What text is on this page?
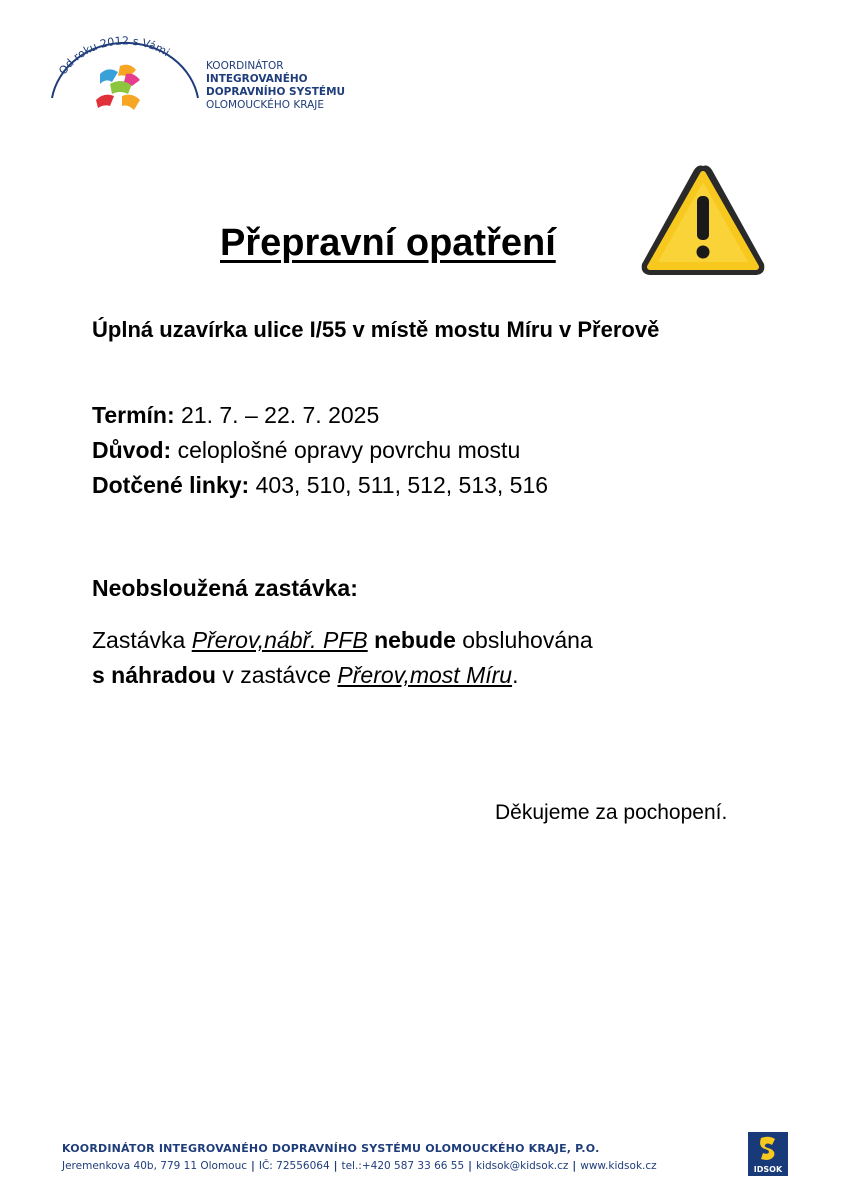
Od roku 2012 s Vámi
KOORDINÁTOR
INTEGROVANÉHO
DOPRAVNÍHO SYSTÉMU
OLOMOUCKÉHO KRAJE
Přepravní opatření
Úplná uzavírka ulice I/55 v místě mostu Míru v Přerově
Termín: 21. 7. – 22. 7. 2025
Důvod: celoplošné opravy povrchu mostu
Dotčené linky: 403, 510, 511, 512, 513, 516
Neobsloužená zastávka:
Zastávka Přerov,nábř. PFB nebude obsluhována
s náhradou v zastávce Přerov,most Míru.
Děkujeme za pochopení.
KOORDINÁTOR INTEGROVANÉHO DOPRAVNÍHO SYSTÉMU OLOMOUCKÉHO KRAJE, P.O.
Jeremenkova 40b, 779 11 Olomouc | IČ: 72556064 | tel.:+420 587 33 66 55 | kidsok@kidsok.cz | www.kidsok.cz	IDSOK
